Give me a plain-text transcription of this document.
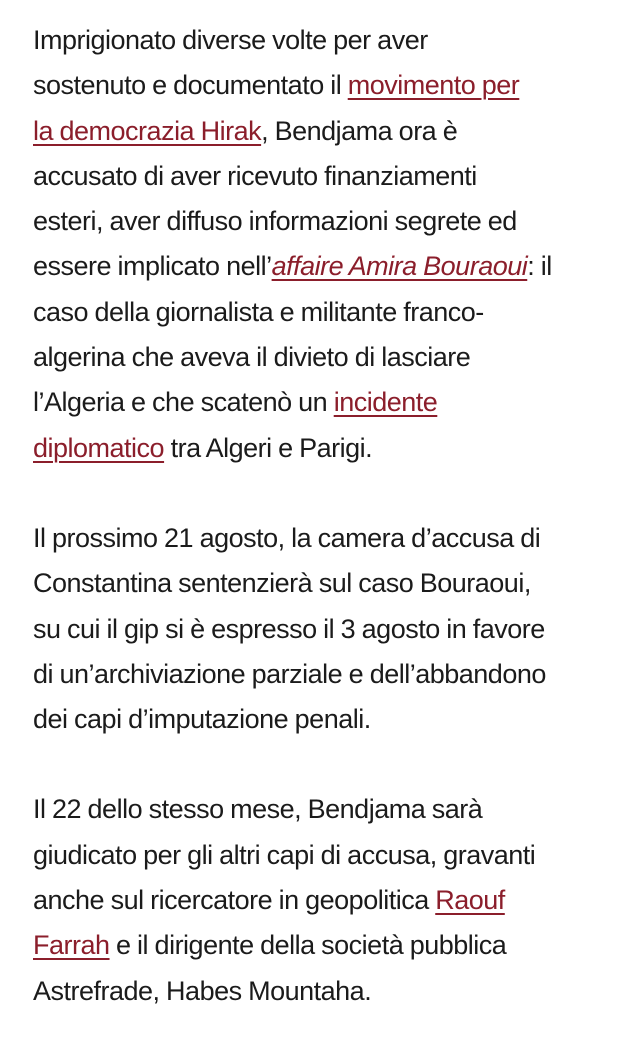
Imprigionato diverse volte per aver
sostenuto e documentato il movimento per
la democrazia Hirak, Bendjama ora è
accusato di aver ricevuto finanziamenti
esteri, aver diffuso informazioni segrete ed
essere implicato nell’affaire Amira Bouraoui: il
caso della giornalista e militante franco-
algerina che aveva il divieto di lasciare
l’Algeria e che scatenò un incidente
diplomatico tra Algeri e Parigi.

Il prossimo 21 agosto, la camera d’accusa di
Constantina sentenzierà sul caso Bouraoui,
su cui il gip si è espresso il 3 agosto in favore
di un’archiviazione parziale e dell’abbandono
dei capi d’imputazione penali.

Il 22 dello stesso mese, Bendjama sarà
giudicato per gli altri capi di accusa, gravanti
anche sul ricercatore in geopolitica Raouf
Farrah e il dirigente della società pubblica
Astrefrade, Habes Mountaha.
